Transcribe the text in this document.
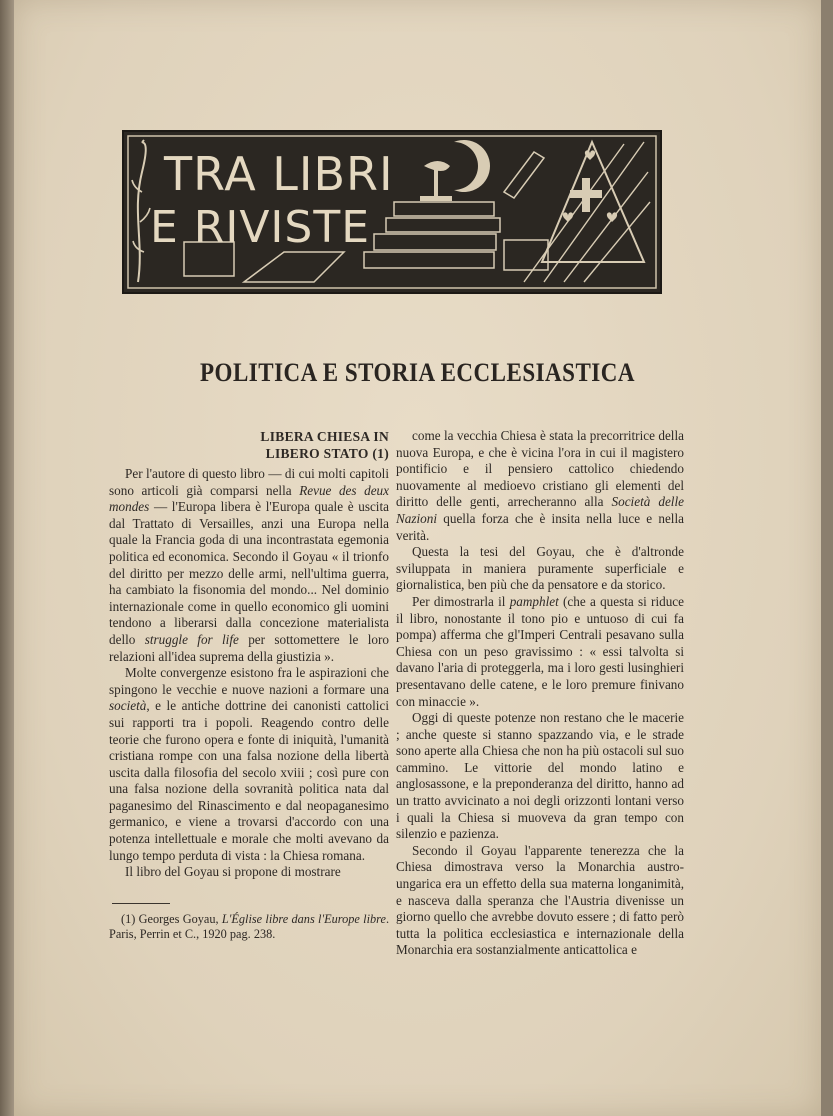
TRA LIBRI
E RIVISTE
POLITICA E STORIA ECCLESIASTICA
LIBERA CHIESA IN
LIBERO STATO (1)

Per l'autore di questo libro — di cui molti capitoli sono articoli già comparsi nella Revue des deux mondes — l'Europa libera è l'Europa quale è uscita dal Trattato di Versailles, anzi una Europa nella quale la Francia goda di una incontrastata egemonia politica ed economica. Secondo il Goyau « il trionfo del diritto per mezzo delle armi, nell'ultima guerra, ha cambiato la fisonomia del mondo... Nel dominio internazionale come in quello economico gli uomini tendono a liberarsi dalla concezione materialista dello struggle for life per sottomettere le loro relazioni all'idea suprema della giustizia ».

Molte convergenze esistono fra le aspirazioni che spingono le vecchie e nuove nazioni a formare una società, e le antiche dottrine dei canonisti cattolici sui rapporti tra i popoli. Reagendo contro delle teorie che furono opera e fonte di iniquità, l'umanità cristiana rompe con una falsa nozione della libertà uscita dalla filosofia del secolo xviii ; così pure con una falsa nozione della sovranità politica nata dal paganesimo del Rinascimento e dal neopaganesimo germanico, e viene a trovarsi d'accordo con una potenza intellettuale e morale che molti avevano da lungo tempo perduta di vista : la Chiesa romana.

Il libro del Goyau si propone di mostrare

(1) Georges Goyau, L'Église libre dans l'Europe libre. Paris, Perrin et C., 1920 pag. 238.

come la vecchia Chiesa è stata la precorritrice della nuova Europa, e che è vicina l'ora in cui il magistero pontificio e il pensiero cattolico chiedendo nuovamente al medioevo cristiano gli elementi del diritto delle genti, arrecheranno alla Società delle Nazioni quella forza che è insita nella luce e nella verità.

Questa la tesi del Goyau, che è d'altronde sviluppata in maniera puramente superficiale e giornalistica, ben più che da pensatore e da storico.

Per dimostrarla il pamphlet (che a questa si riduce il libro, nonostante il tono pio e untuoso di cui fa pompa) afferma che gl'Imperi Centrali pesavano sulla Chiesa con un peso gravissimo : « essi talvolta si davano l'aria di proteggerla, ma i loro gesti lusinghieri presentavano delle catene, e le loro premure finivano con minaccie ».

Oggi di queste potenze non restano che le macerie ; anche queste si stanno spazzando via, e le strade sono aperte alla Chiesa che non ha più ostacoli sul suo cammino. Le vittorie del mondo latino e anglosassone, e la preponderanza del diritto, hanno ad un tratto avvicinato a noi degli orizzonti lontani verso i quali la Chiesa si muoveva da gran tempo con silenzio e pazienza.

Secondo il Goyau l'apparente tenerezza che la Chiesa dimostrava verso la Monarchia austro-ungarica era un effetto della sua materna longanimità, e nasceva dalla speranza che l'Austria divenisse un giorno quello che avrebbe dovuto essere ; di fatto però tutta la politica ecclesiastica e internazionale della Monarchia era sostanzialmente anticattolica e
